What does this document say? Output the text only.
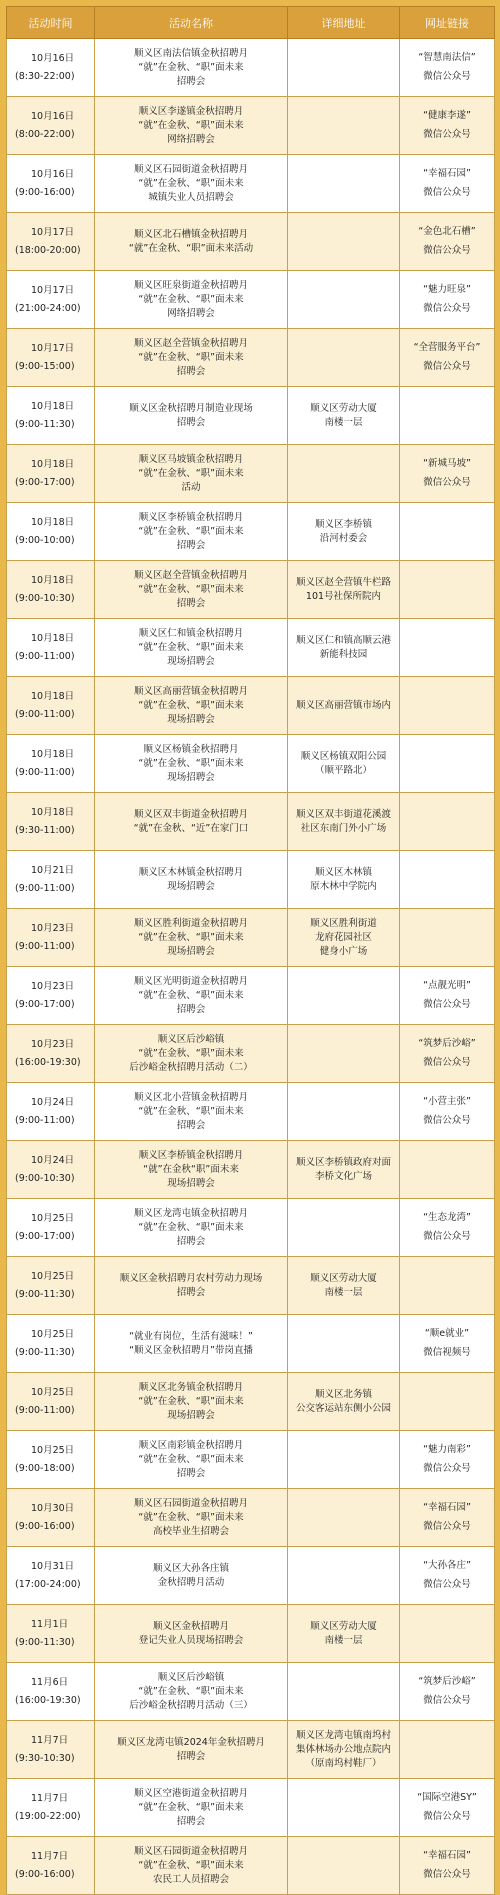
活动时间	活动名称	详细地址	网址链接

10月16日
(8:30-22:00)	顺义区南法信镇金秋招聘月
“就”在金秋、“职”面未来
招聘会		“智慧南法信”
微信公众号

10月16日
(8:00-22:00)	顺义区李遂镇金秋招聘月
“就”在金秋、“职”面未来
网络招聘会		“健康李遂”
微信公众号

10月16日
(9:00-16:00)	顺义区石园街道金秋招聘月
“就”在金秋、“职”面未来
城镇失业人员招聘会		“幸福石园”
微信公众号

10月17日
(18:00-20:00)	顺义区北石槽镇金秋招聘月
“就”在金秋、“职”面未来活动		“金色北石槽”
微信公众号

10月17日
(21:00-24:00)	顺义区旺泉街道金秋招聘月
“就”在金秋、“职”面未来
网络招聘会		“魅力旺泉”
微信公众号

10月17日
(9:00-15:00)	顺义区赵全营镇金秋招聘月
“就”在金秋、“职”面未来
招聘会		“全营服务平台”
微信公众号

10月18日
(9:00-11:30)	顺义区金秋招聘月制造业现场
招聘会	顺义区劳动大厦
南楼一层	

10月18日
(9:00-17:00)	顺义区马坡镇金秋招聘月
“就”在金秋、“职”面未来
活动		“新城马坡”
微信公众号

10月18日
(9:00-10:00)	顺义区李桥镇金秋招聘月
“就”在金秋、“职”面未来
招聘会	顺义区李桥镇
沿河村委会	

10月18日
(9:00-10:30)	顺义区赵全营镇金秋招聘月
“就”在金秋、“职”面未来
招聘会	顺义区赵全营镇牛栏路
101号社保所院内	

10月18日
(9:00-11:00)	顺义区仁和镇金秋招聘月
“就”在金秋、“职”面未来
现场招聘会	顺义区仁和镇高顺云港
新能科技园	

10月18日
(9:00-11:00)	顺义区高丽营镇金秋招聘月
“就”在金秋、“职”面未来
现场招聘会	顺义区高丽营镇市场内	

10月18日
(9:00-11:00)	顺义区杨镇金秋招聘月
“就”在金秋、“职”面未来
现场招聘会	顺义区杨镇双阳公园
（顺平路北）	

10月18日
(9:30-11:00)	顺义区双丰街道金秋招聘月
“就”在金秋、“近”在家门口	顺义区双丰街道花溪渡
社区东南门外小广场	

10月21日
(9:00-11:00)	顺义区木林镇金秋招聘月
现场招聘会	顺义区木林镇
原木林中学院内	

10月23日
(9:00-11:00)	顺义区胜利街道金秋招聘月
“就”在金秋、“职”面未来
现场招聘会	顺义区胜利街道
龙府花园社区
健身小广场	

10月23日
(9:00-17:00)	顺义区光明街道金秋招聘月
“就”在金秋、“职”面未来
招聘会		“点靓光明”
微信公众号

10月23日
(16:00-19:30)	顺义区后沙峪镇
“就”在金秋、“职”面未来
后沙峪金秋招聘月活动（二）		“筑梦后沙峪”
微信公众号

10月24日
(9:00-11:00)	顺义区北小营镇金秋招聘月
“就”在金秋、“职”面未来
招聘会		“小营主张”
微信公众号

10月24日
(9:00-10:30)	顺义区李桥镇金秋招聘月
“就”在金秋“职”面未来
现场招聘会	顺义区李桥镇政府对面
李桥文化广场	

10月25日
(9:00-17:00)	顺义区龙湾屯镇金秋招聘月
“就”在金秋、“职”面未来
招聘会		“生态龙湾”
微信公众号

10月25日
(9:00-11:30)	顺义区金秋招聘月农村劳动力现场
招聘会	顺义区劳动大厦
南楼一层	

10月25日
(9:00-11:30)	“就业有岗位，生活有滋味！”
“顺义区金秋招聘月”带岗直播		“顺e就业”
微信视频号

10月25日
(9:00-11:00)	顺义区北务镇金秋招聘月
“就”在金秋、“职”面未来
现场招聘会	顺义区北务镇
公交客运站东侧小公园	

10月25日
(9:00-18:00)	顺义区南彩镇金秋招聘月
“就”在金秋、“职”面未来
招聘会		“魅力南彩”
微信公众号

10月30日
(9:00-16:00)	顺义区石园街道金秋招聘月
“就”在金秋、“职”面未来
高校毕业生招聘会		“幸福石园”
微信公众号

10月31日
(17:00-24:00)	顺义区大孙各庄镇
金秋招聘月活动		“大孙各庄”
微信公众号

11月1日
(9:00-11:30)	顺义区金秋招聘月
登记失业人员现场招聘会	顺义区劳动大厦
南楼一层	

11月6日
(16:00-19:30)	顺义区后沙峪镇
“就”在金秋、“职”面未来
后沙峪金秋招聘月活动（三）		“筑梦后沙峪”
微信公众号

11月7日
(9:30-10:30)	顺义区龙湾屯镇2024年金秋招聘月
招聘会	顺义区龙湾屯镇南坞村
集体林场办公地点院内
（原南坞村鞋厂）	

11月7日
(19:00-22:00)	顺义区空港街道金秋招聘月
“就”在金秋、“职”面未来
招聘会		“国际空港SY”
微信公众号

11月7日
(9:00-16:00)	顺义区石园街道金秋招聘月
“就”在金秋、“职”面未来
农民工人员招聘会		“幸福石园”
微信公众号
